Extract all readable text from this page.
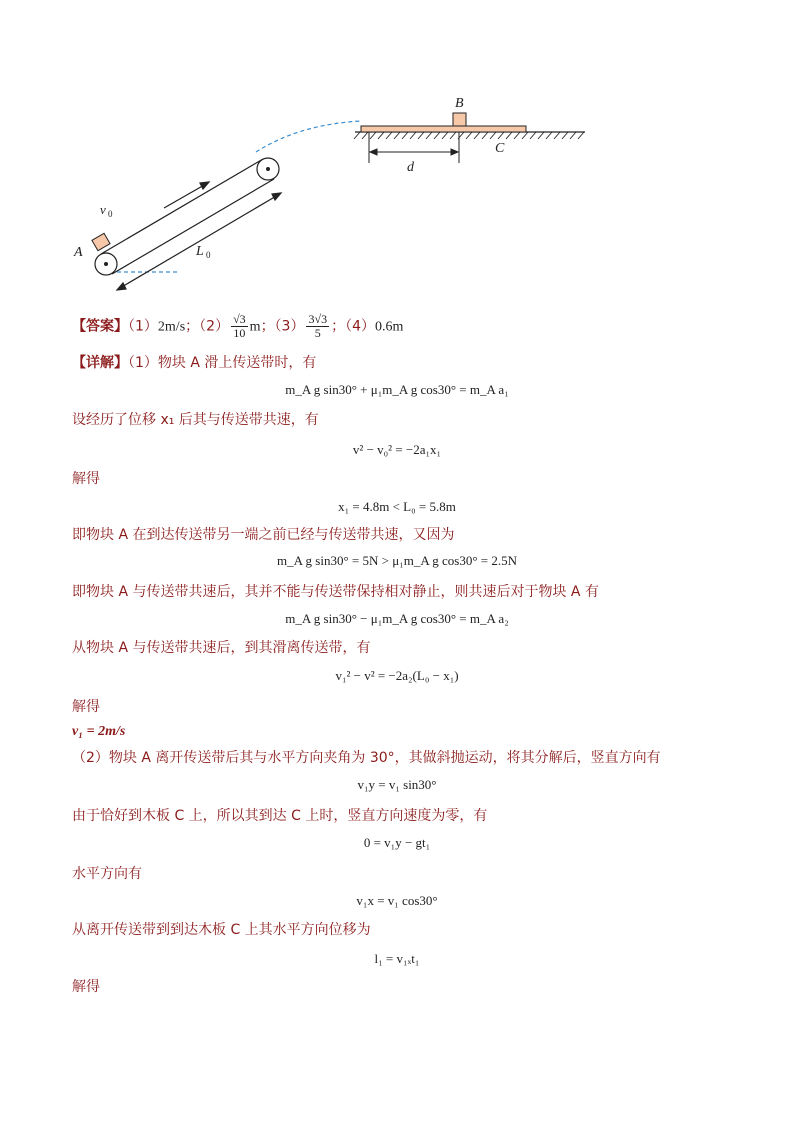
B
C
d
A
v 0
L 0
【答案】（1）2m/s；$(2) \frac{√3}{10}$ m；$(3) \frac{3√3}{5}$ ；（4）0.6m
【详解】（1）物块 A 滑上传送带时，有
m_A g sin30° + μ₁m_A g cos30° = m_A a₁
设经历了位移 x₁ 后其与传送带共速，有
v² − v₀² = −2a₁x₁
解得
x₁ = 4.8m < L₀ = 5.8m
即物块 A 在到达传送带另一端之前已经与传送带共速，又因为
m_A g sin30° = 5N > μ₁m_A g cos30° = 2.5N
即物块 A 与传送带共速后，其并不能与传送带保持相对静止，则共速后对于物块 A 有
m_A g sin30° − μ₁m_A g cos30° = m_A a₂
从物块 A 与传送带共速后，到其滑离传送带，有
v₁² − v² = −2a₂(L₀ − x₁)
解得
v₁ = 2m/s
（2）物块 A 离开传送带后其与水平方向夹角为 30°，其做斜抛运动，将其分解后，竖直方向有
v₁y = v₁ sin30°
由于恰好到木板 C 上，所以其到达 C 上时，竖直方向速度为零，有
0 = v₁y − gt₁
水平方向有
v₁x = v₁ cos30°
从离开传送带到到达木板 C 上其水平方向位移为
l₁ = v₁ₓt₁
解得
